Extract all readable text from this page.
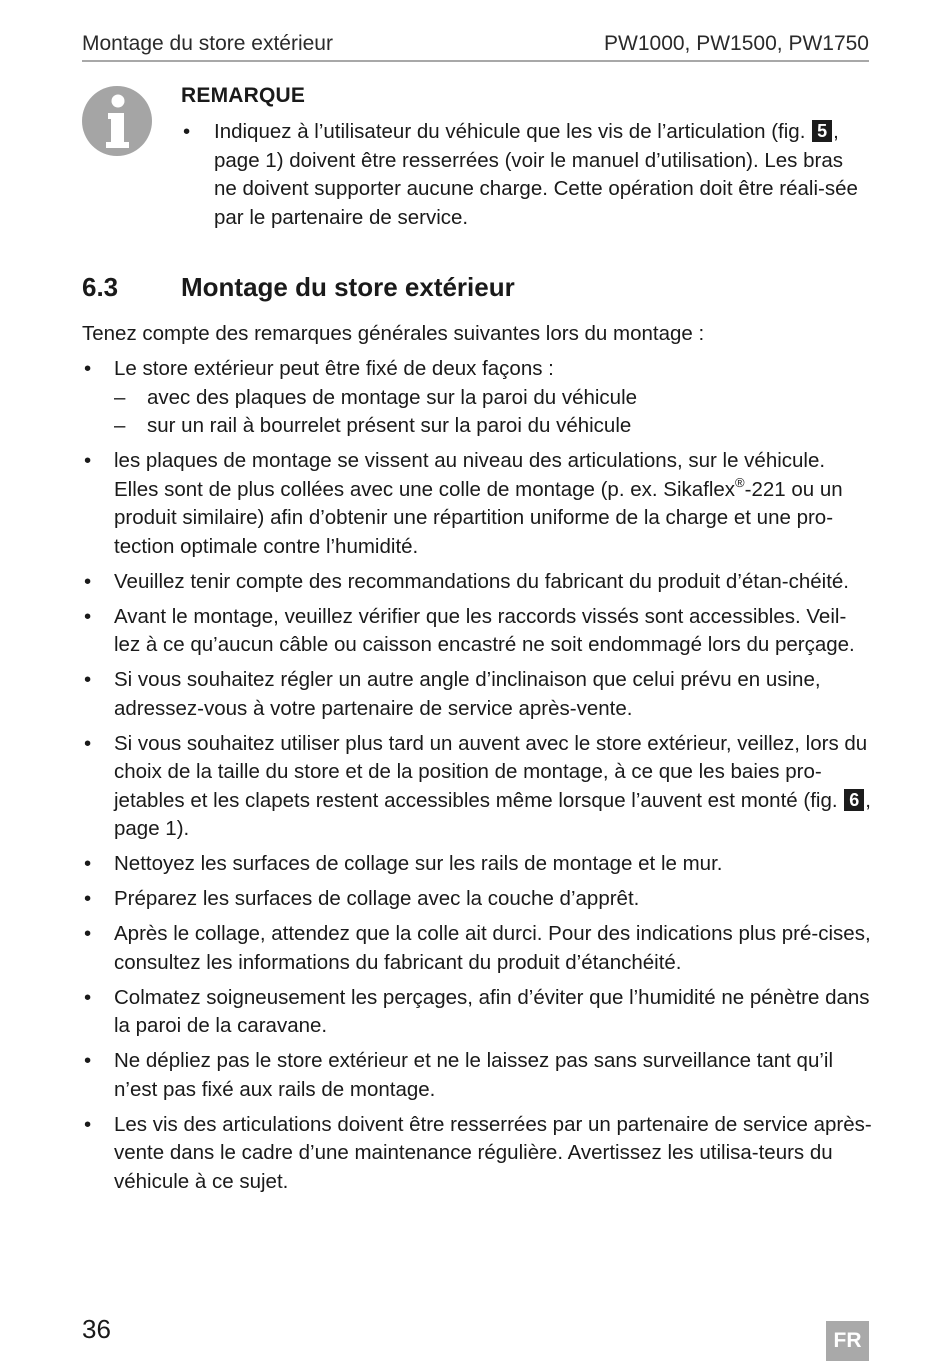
Montage du store extérieur	PW1000, PW1500, PW1750
REMARQUE
• Indiquez à l’utilisateur du véhicule que les vis de l’articulation (fig. 5 , page 1) doivent être resserrées (voir le manuel d’utilisation). Les bras ne doivent supporter aucune charge. Cette opération doit être réali-sée par le partenaire de service.
6.3 Montage du store extérieur
Tenez compte des remarques générales suivantes lors du montage :
• Le store extérieur peut être fixé de deux façons :
– avec des plaques de montage sur la paroi du véhicule
– sur un rail à bourrelet présent sur la paroi du véhicule
• les plaques de montage se vissent au niveau des articulations, sur le véhicule. Elles sont de plus collées avec une colle de montage (p. ex. Sikaflex®-221 ou un produit similaire) afin d’obtenir une répartition uniforme de la charge et une pro-tection optimale contre l’humidité.
• Veuillez tenir compte des recommandations du fabricant du produit d’étan-chéité.
• Avant le montage, veuillez vérifier que les raccords vissés sont accessibles. Veil-lez à ce qu’aucun câble ou caisson encastré ne soit endommagé lors du perçage.
• Si vous souhaitez régler un autre angle d’inclinaison que celui prévu en usine, adressez-vous à votre partenaire de service après-vente.
• Si vous souhaitez utiliser plus tard un auvent avec le store extérieur, veillez, lors du choix de la taille du store et de la position de montage, à ce que les baies pro-jetables et les clapets restent accessibles même lorsque l’auvent est monté (fig. 6 , page 1).
• Nettoyez les surfaces de collage sur les rails de montage et le mur.
• Préparez les surfaces de collage avec la couche d’apprêt.
• Après le collage, attendez que la colle ait durci. Pour des indications plus pré-cises, consultez les informations du fabricant du produit d’étanchéité.
• Colmatez soigneusement les perçages, afin d’éviter que l’humidité ne pénètre dans la paroi de la caravane.
• Ne dépliez pas le store extérieur et ne le laissez pas sans surveillance tant qu’il n’est pas fixé aux rails de montage.
• Les vis des articulations doivent être resserrées par un partenaire de service après-vente dans le cadre d’une maintenance régulière. Avertissez les utilisa-teurs du véhicule à ce sujet.
36	FR
